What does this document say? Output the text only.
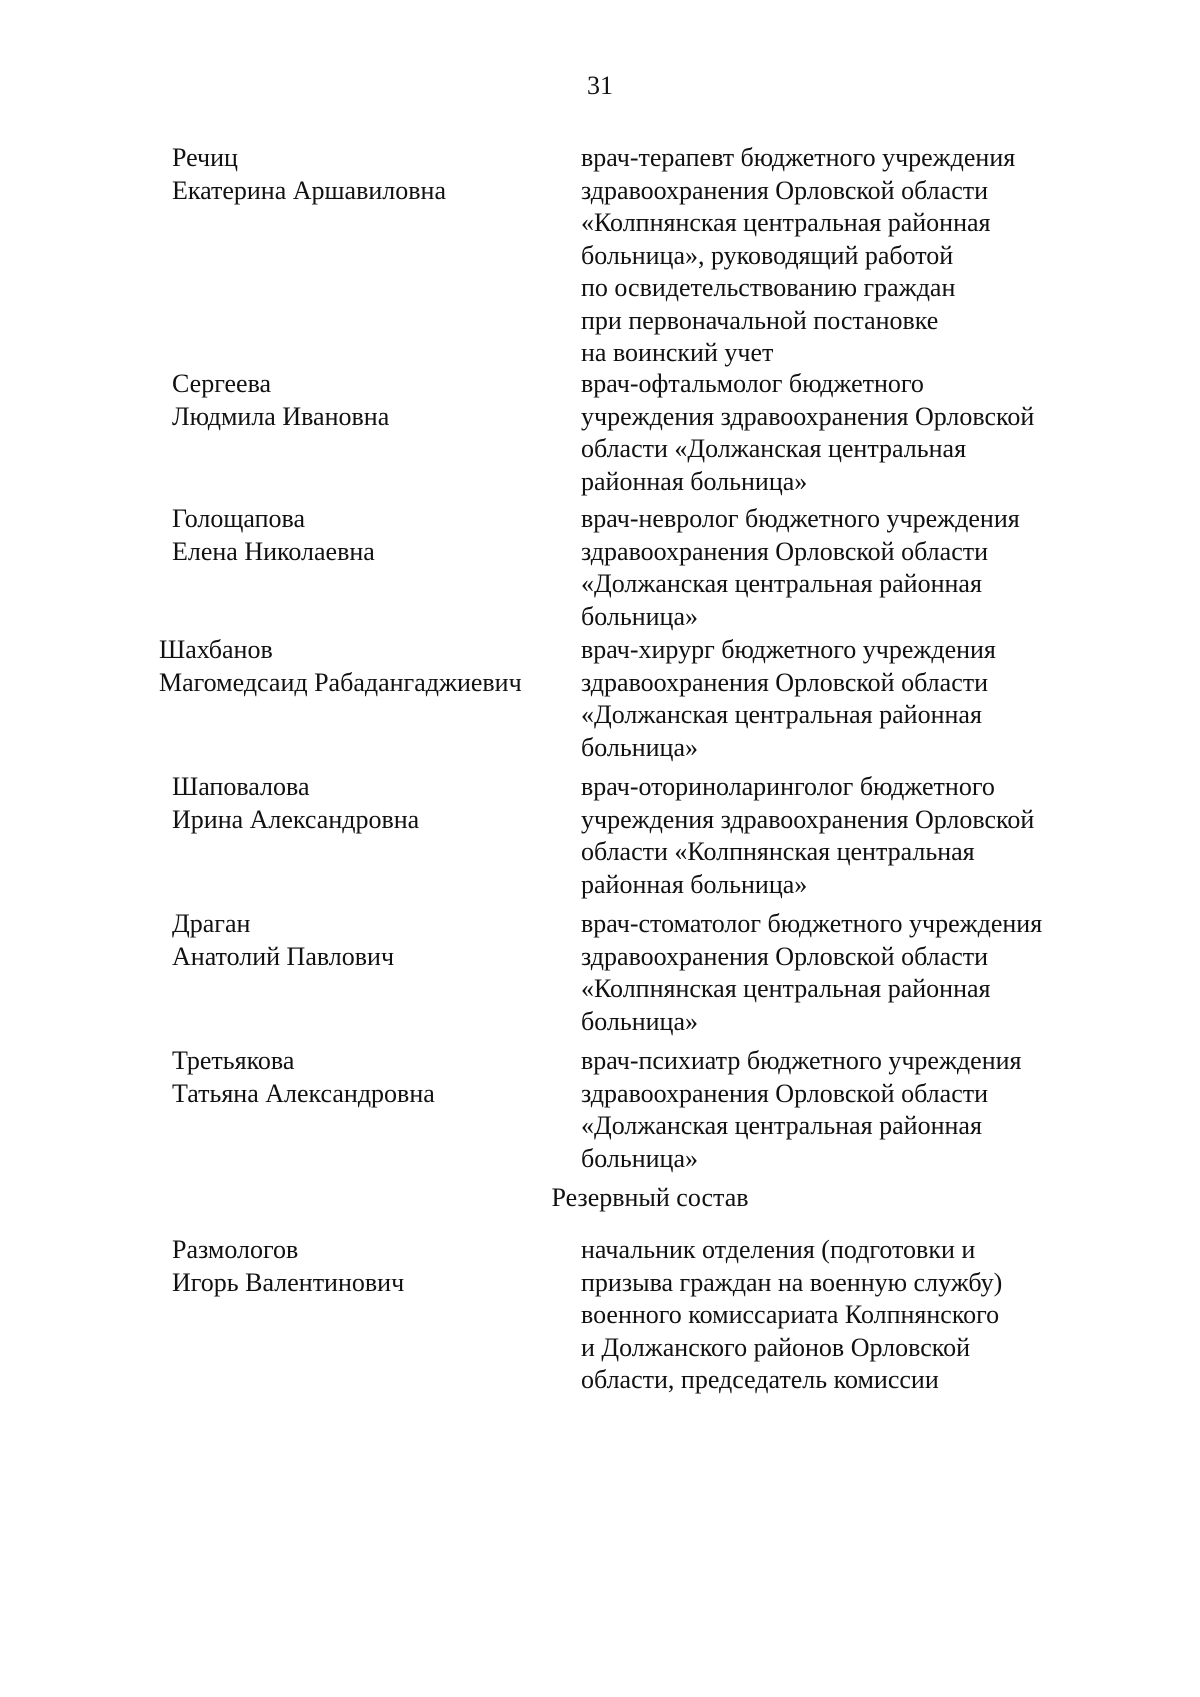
31

Речиц
Екатерина Аршавиловна
врач-терапевт бюджетного учреждения
здравоохранения Орловской области
«Колпнянская центральная районная
больница», руководящий работой
по освидетельствованию граждан
при первоначальной постановке
на воинский учет
Сергеева
Людмила Ивановна
врач-офтальмолог бюджетного
учреждения здравоохранения Орловской
области «Должанская центральная
районная больница»
Голощапова
Елена Николаевна
врач-невролог бюджетного учреждения
здравоохранения Орловской области
«Должанская центральная районная
больница»
Шахбанов
Магомедсаид Рабадангаджиевич
врач-хирург бюджетного учреждения
здравоохранения Орловской области
«Должанская центральная районная
больница»
Шаповалова
Ирина Александровна
врач-оториноларинголог бюджетного
учреждения здравоохранения Орловской
области «Колпнянская центральная
районная больница»
Драган
Анатолий Павлович
врач-стоматолог бюджетного учреждения
здравоохранения Орловской области
«Колпнянская центральная районная
больница»
Третьякова
Татьяна Александровна
врач-психиатр бюджетного учреждения
здравоохранения Орловской области
«Должанская центральная районная
больница»

Резервный состав

Размологов
Игорь Валентинович
начальник отделения (подготовки и
призыва граждан на военную службу)
военного комиссариата Колпнянского
и Должанского районов Орловской
области, председатель комиссии
